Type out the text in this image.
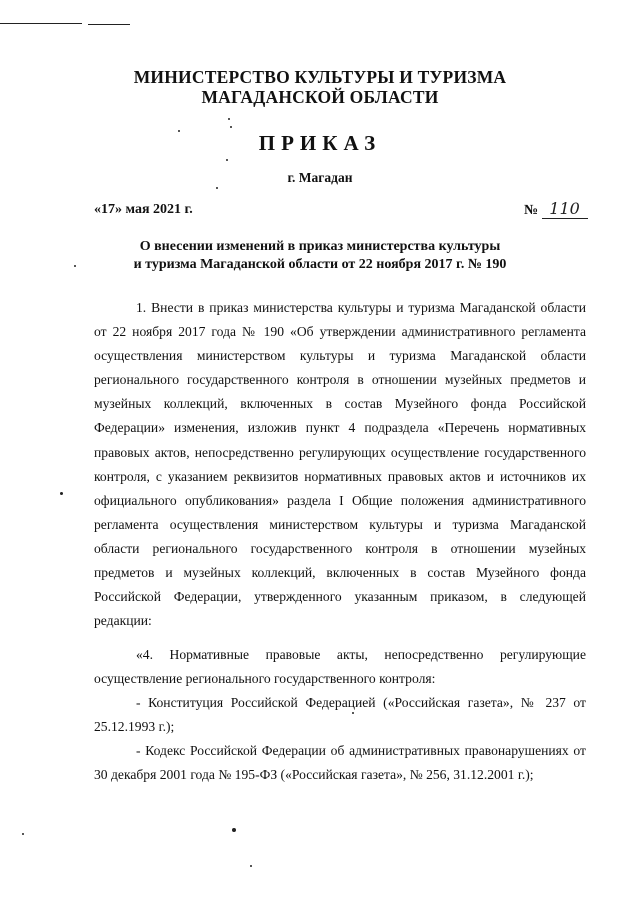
МИНИСТЕРСТВО КУЛЬТУРЫ И ТУРИЗМА
МАГАДАНСКОЙ ОБЛАСТИ
ПРИКАЗ
г. Магадан
«17» мая 2021 г.	№ 110
О внесении изменений в приказ министерства культуры
и туризма Магаданской области от 22 ноября 2017 г. № 190
1. Внести в приказ министерства культуры и туризма Магаданской области от 22 ноября 2017 года № 190 «Об утверждении административного регламента осуществления министерством культуры и туризма Магаданской области регионального государственного контроля в отношении музейных предметов и музейных коллекций, включенных в состав Музейного фонда Российской Федерации» изменения, изложив пункт 4 подраздела «Перечень нормативных правовых актов, непосредственно регулирующих осуществление государственного контроля, с указанием реквизитов нормативных правовых актов и источников их официального опубликования» раздела I Общие положения административного регламента осуществления министерством культуры и туризма Магаданской области регионального государственного контроля в отношении музейных предметов и музейных коллекций, включенных в состав Музейного фонда Российской Федерации, утвержденного указанным приказом, в следующей редакции:
«4. Нормативные правовые акты, непосредственно регулирующие осуществление регионального государственного контроля:
- Конституция Российской Федерацией («Российская газета», № 237 от 25.12.1993 г.);
- Кодекс Российской Федерации об административных правонарушениях от 30 декабря 2001 года № 195-ФЗ («Российская газета», № 256, 31.12.2001 г.);
